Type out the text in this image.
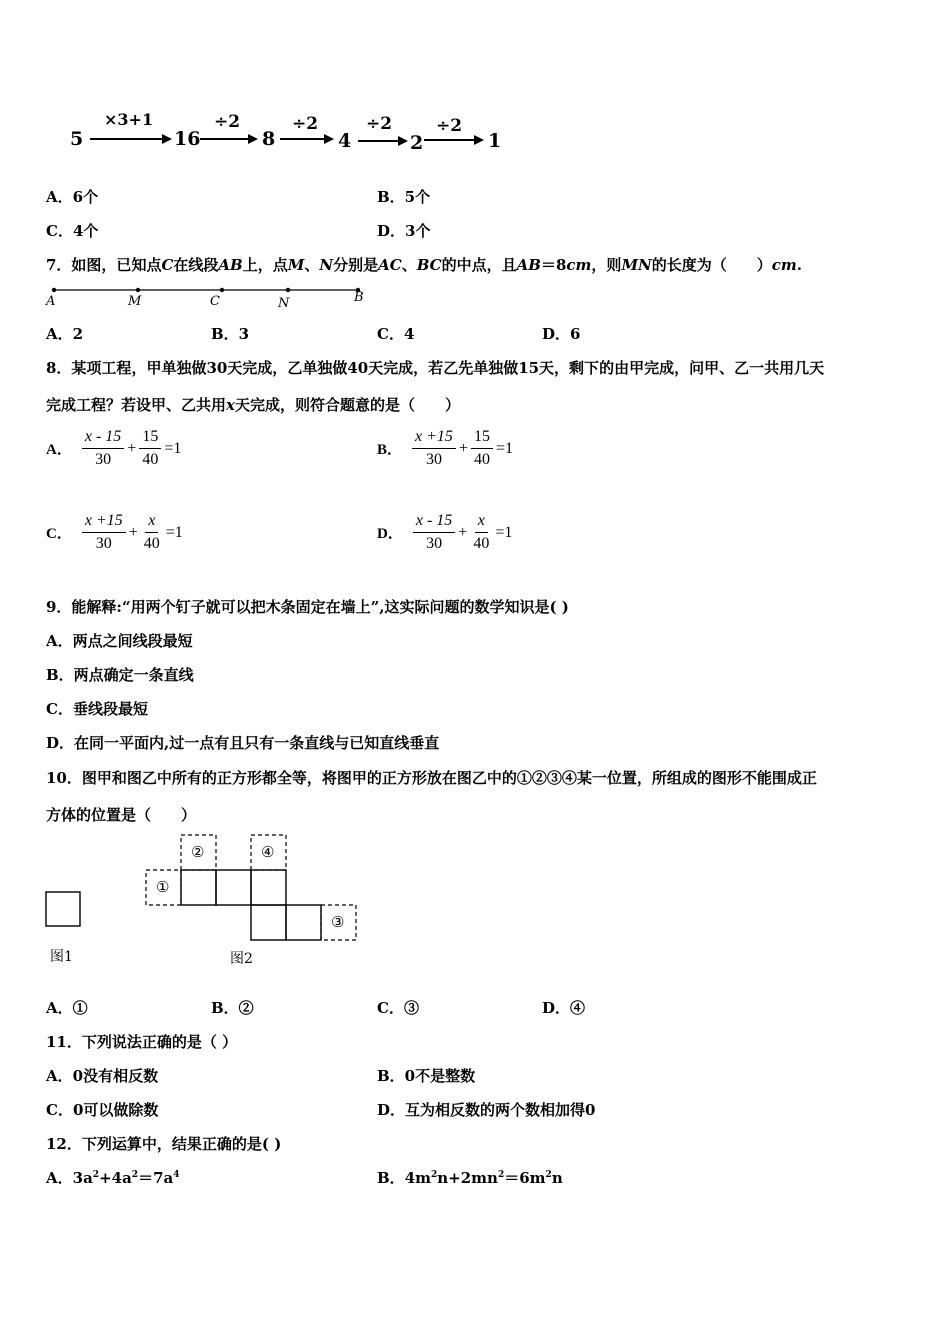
5
×3+1
16
÷2
8
÷2
4
÷2
2
÷2
1
A．6个	B．5个
C．4个	D．3个
7．如图，已知点C在线段AB上，点M、N分别是AC、BC的中点，且AB＝8cm，则MN的长度为（　　）cm.
A	M	C	N	B
A．2	B．3	C．4	D．6
8．某项工程，甲单独做30天完成，乙单独做40天完成，若乙先单独做15天，剩下的由甲完成，问甲、乙一共用几天
完成工程？若设甲、乙共用x天完成，则符合题意的是（　　）
A． $\frac{x - 15}{30} + \frac{15}{40} =1$	B． $\frac{x +15}{30} + \frac{15}{40} =1$
C． $\frac{x +15}{30} + \frac{x}{40} =1$	D． $\frac{x - 15}{30} + \frac{x}{40} =1$
9．能解释:“用两个钉子就可以把木条固定在墙上”,这实际问题的数学知识是( )
A．两点之间线段最短
B．两点确定一条直线
C．垂线段最短
D．在同一平面内,过一点有且只有一条直线与已知直线垂直
10．图甲和图乙中所有的正方形都全等，将图甲的正方形放在图乙中的①②③④某一位置，所组成的图形不能围成正
方体的位置是（　　）
①
②
③
④
图1	图2
A．①	B．②	C．③	D．④
11．下列说法正确的是（ ）
A．0没有相反数	B．0不是整数
C．0可以做除数	D．互为相反数的两个数相加得0
12．下列运算中，结果正确的是( )
A．$3a^2+4a^2=7a^4$	B．$4m^2n+2mn^2=6m^2n$
